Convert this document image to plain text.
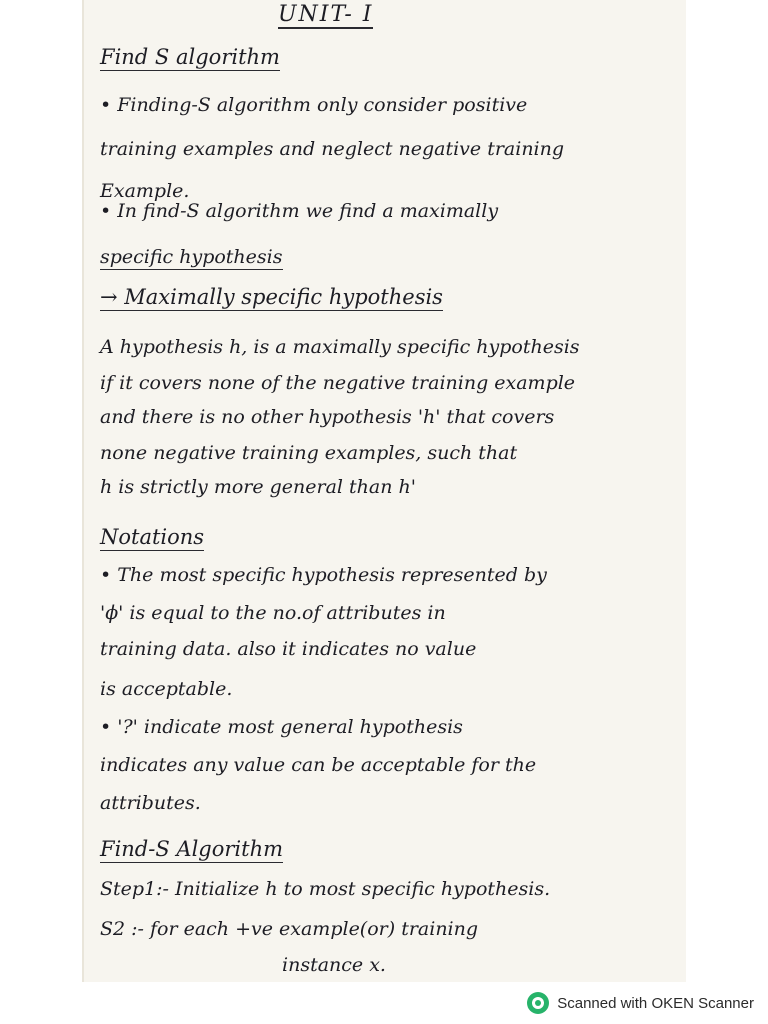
UNIT- I
Find S algorithm
• Finding-S algorithm only consider positive
training examples and neglect negative training
Example.
• In find-S algorithm we find a maximally
specific hypothesis
→ Maximally specific hypothesis
A hypothesis h, is a maximally specific hypothesis
if it covers none of the negative training example
and there is no other hypothesis 'h' that covers
none negative training examples, such that
h is strictly more general than h'
Notations
• The most specific hypothesis represented by
'ϕ' is equal to the no.of attributes in
training data. also it indicates no value
is acceptable.
• '?' indicate most general hypothesis
indicates any value can be acceptable for the
attributes.
Find-S Algorithm
Step1:- Initialize h to most specific hypothesis.
S2 :- for each +ve example(or) training
instance x.
Scanned with OKEN Scanner
